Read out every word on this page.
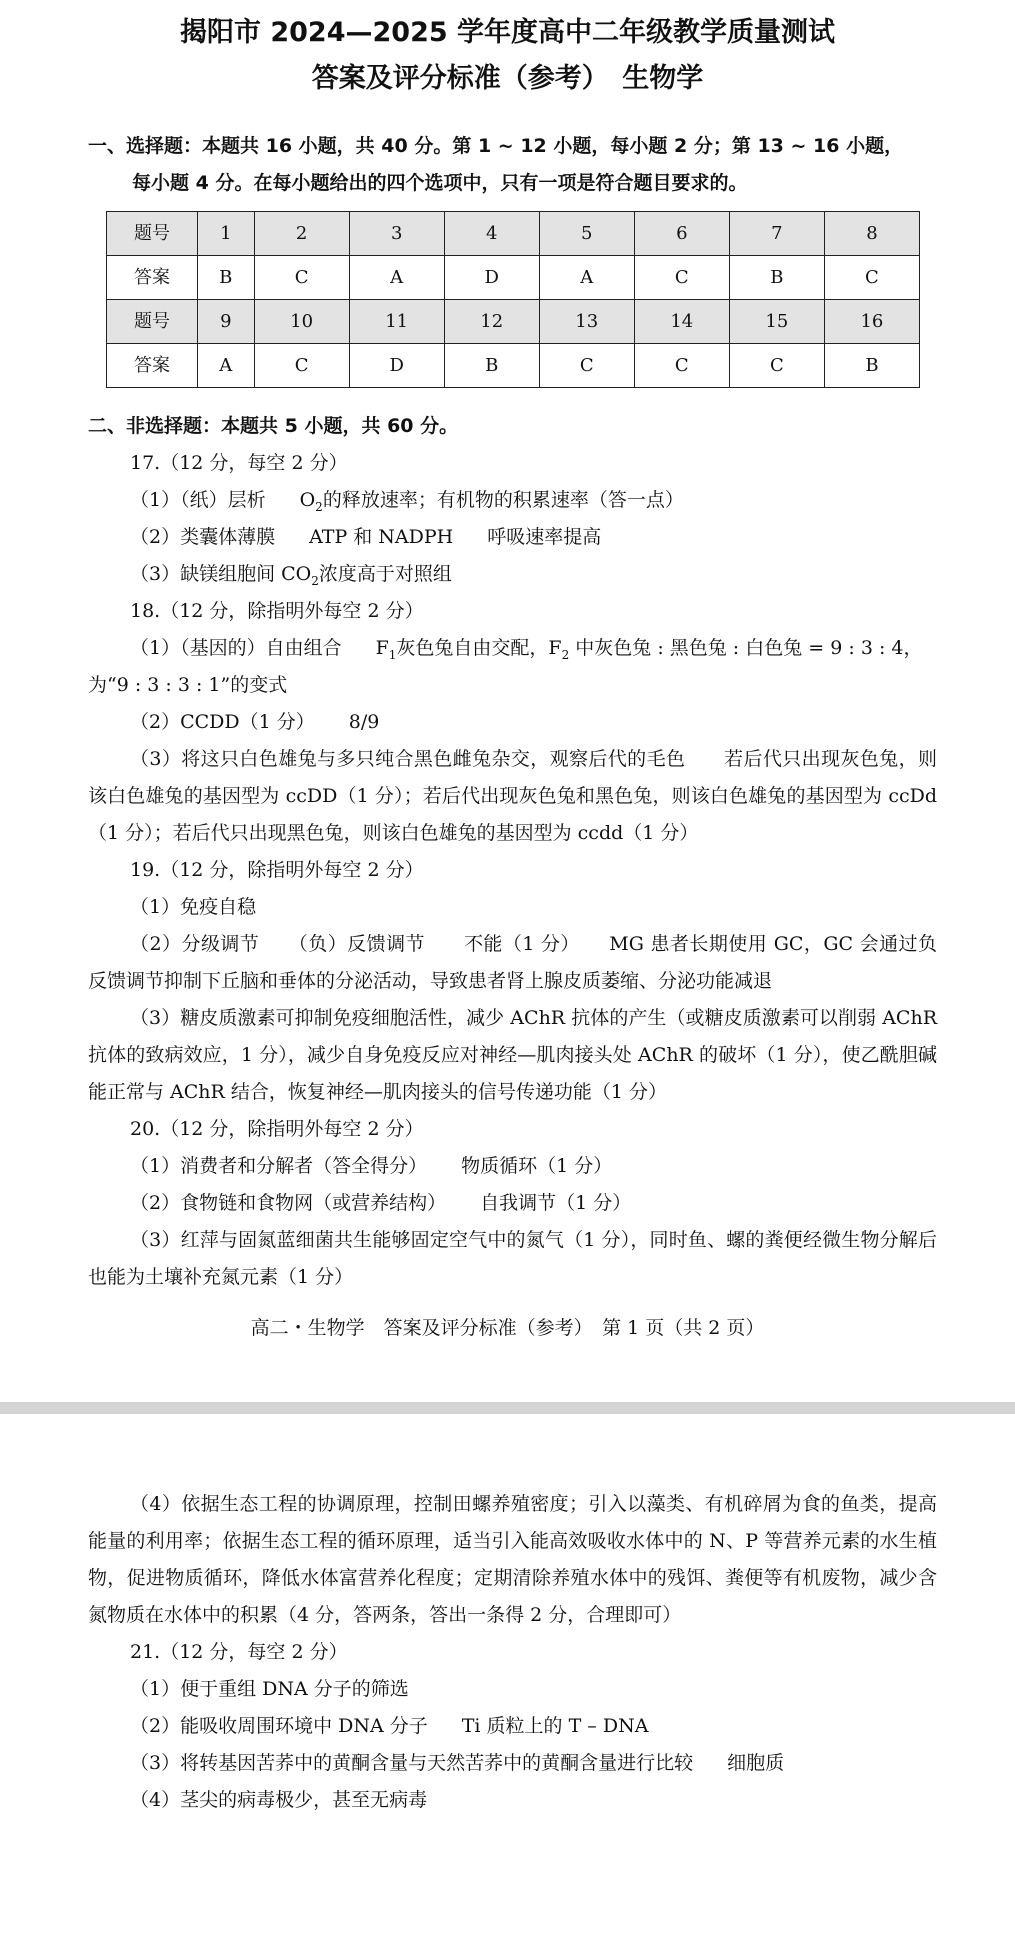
揭阳市 2024—2025 学年度高中二年级教学质量测试
答案及评分标准（参考）　生物学
一、选择题：本题共 16 小题，共 40 分。第 1 ~ 12 小题，每小题 2 分；第 13 ~ 16 小题，
每小题 4 分。在每小题给出的四个选项中，只有一项是符合题目要求的。
题号	1	2	3	4	5	6	7	8
答案	B	C	A	D	A	C	B	C
题号	9	10	11	12	13	14	15	16
答案	A	C	D	B	C	C	C	B
二、非选择题：本题共 5 小题，共 60 分。
17.（12 分，每空 2 分）
（1）（纸）层析 $O_2$的释放速率；有机物的积累速率（答一点）
（2）类囊体薄膜 ATP 和 NADPH 呼吸速率提高
（3）缺镁组胞间 $CO_2$浓度高于对照组
18.（12 分，除指明外每空 2 分）
（1）（基因的）自由组合 $F_1$灰色兔自由交配，$F_2$ 中灰色兔 : 黑色兔 : 白色兔 = 9 : 3 : 4，
为“9 : 3 : 3 : 1”的变式
（2）CCDD（1 分） 8/9
（3）将这只白色雄兔与多只纯合黑色雌兔杂交，观察后代的毛色　　若后代只出现灰色兔，则该白色雄兔的基因型为 ccDD（1 分）；若后代出现灰色兔和黑色兔，则该白色雄兔的基因型为 ccDd（1 分）；若后代只出现黑色兔，则该白色雄兔的基因型为 ccdd（1 分）
19.（12 分，除指明外每空 2 分）
（1）免疫自稳
（2）分级调节　　（负）反馈调节　　不能（1 分）　　MG 患者长期使用 GC，GC 会通过负反馈调节抑制下丘脑和垂体的分泌活动，导致患者肾上腺皮质萎缩、分泌功能减退
（3）糖皮质激素可抑制免疫细胞活性，减少 AChR 抗体的产生（或糖皮质激素可以削弱 AChR 抗体的致病效应，1 分），减少自身免疫反应对神经—肌肉接头处 AChR 的破坏（1 分），使乙酰胆碱能正常与 AChR 结合，恢复神经—肌肉接头的信号传递功能（1 分）
20.（12 分，除指明外每空 2 分）
（1）消费者和分解者（答全得分） 物质循环（1 分）
（2）食物链和食物网（或营养结构） 自我调节（1 分）
（3）红萍与固氮蓝细菌共生能够固定空气中的氮气（1 分），同时鱼、螺的粪便经微生物分解后也能为土壤补充氮元素（1 分）
高二・生物学　答案及评分标准（参考）　第 1 页（共 2 页）
（4）依据生态工程的协调原理，控制田螺养殖密度；引入以藻类、有机碎屑为食的鱼类，提高能量的利用率；依据生态工程的循环原理，适当引入能高效吸收水体中的 N、P 等营养元素的水生植物，促进物质循环，降低水体富营养化程度；定期清除养殖水体中的残饵、粪便等有机废物，减少含氮物质在水体中的积累（4 分，答两条，答出一条得 2 分，合理即可）
21.（12 分，每空 2 分）
（1）便于重组 DNA 分子的筛选
（2）能吸收周围环境中 DNA 分子 Ti 质粒上的 T – DNA
（3）将转基因苦荞中的黄酮含量与天然苦荞中的黄酮含量进行比较 细胞质
（4）茎尖的病毒极少，甚至无病毒
